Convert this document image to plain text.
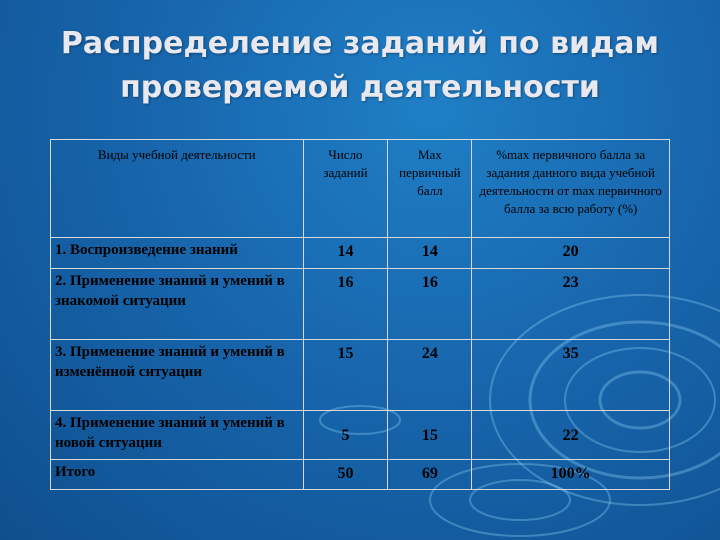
Распределение заданий по видам
проверяемой деятельности
Виды учебной деятельности	Число заданий	Max первичный балл	%max первичного балла за задания данного вида учебной деятельности от max первичного балла за всю работу (%)
1. Воспроизведение знаний	14	14	20
2. Применение знаний и умений в знакомой ситуации	16	16	23
3. Применение знаний и умений в изменённой ситуации	15	24	35
4. Применение знаний и умений в новой ситуации	5	15	22
Итого	50	69	100%
